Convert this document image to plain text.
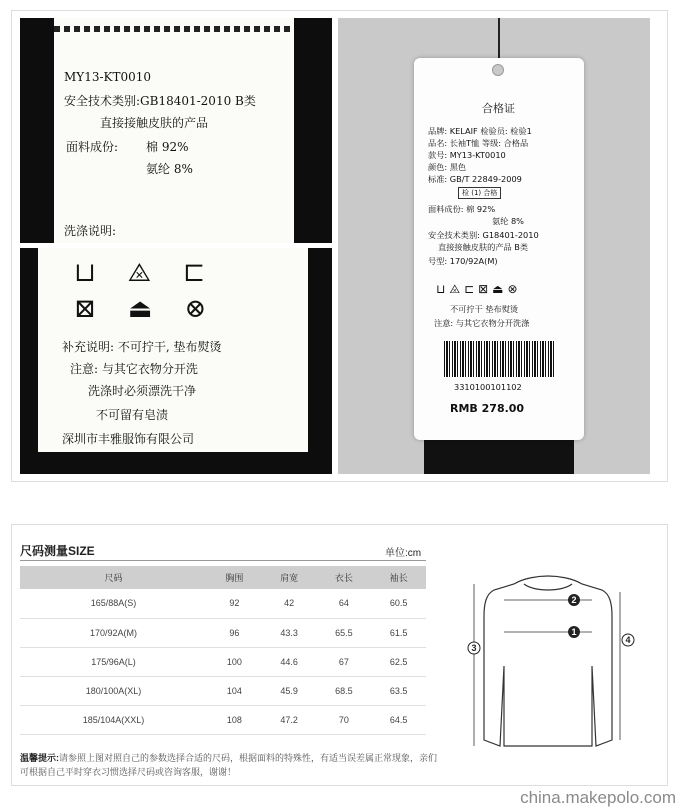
MY13-KT0010
安全技术类别:GB18401-2010 B类
直接接触皮肤的产品
面料成份: 棉 92%
氨纶 8%
洗涤说明:
⊔ ⨻ ⊏
⊠ ⏏ ⊗
补充说明: 不可拧干, 垫布熨烫
注意: 与其它衣物分开洗
洗涤时必须漂洗干净
不可留有皂渍
深圳市丰雅服饰有限公司
合格证
品牌: KELAIF 检验员: 检验1
品名: 长袖T恤 等级: 合格品
款号: MY13-KT0010
颜色: 黑色
标准: GB/T 22849-2009
检 (1) 合格
面料成份: 棉 92%
氨纶 8%
安全技术类别: G18401-2010
直接接触皮肤的产品 B类
号型: 170/92A(M)
⊔⨻⊏⊠⏏⊗
不可拧干 垫布熨烫
注意: 与其它衣物分开洗涤
3310100101102
RMB 278.00
尺码测量SIZE	单位:cm
尺码	胸围	肩宽	衣长	袖长
165/88A(S)	92	42	64	60.5
170/92A(M)	96	43.3	65.5	61.5
175/96A(L)	100	44.6	67	62.5
180/100A(XL)	104	45.9	68.5	63.5
185/104A(XXL)	108	47.2	70	64.5
温馨提示:请参照上图对照自己的参数选择合适的尺码，根据面料的特殊性，有适当误差属正常现象，亲们可根据自己平时穿衣习惯选择尺码或咨询客服，谢谢！
1
2
3
4
china.makepolo.com
